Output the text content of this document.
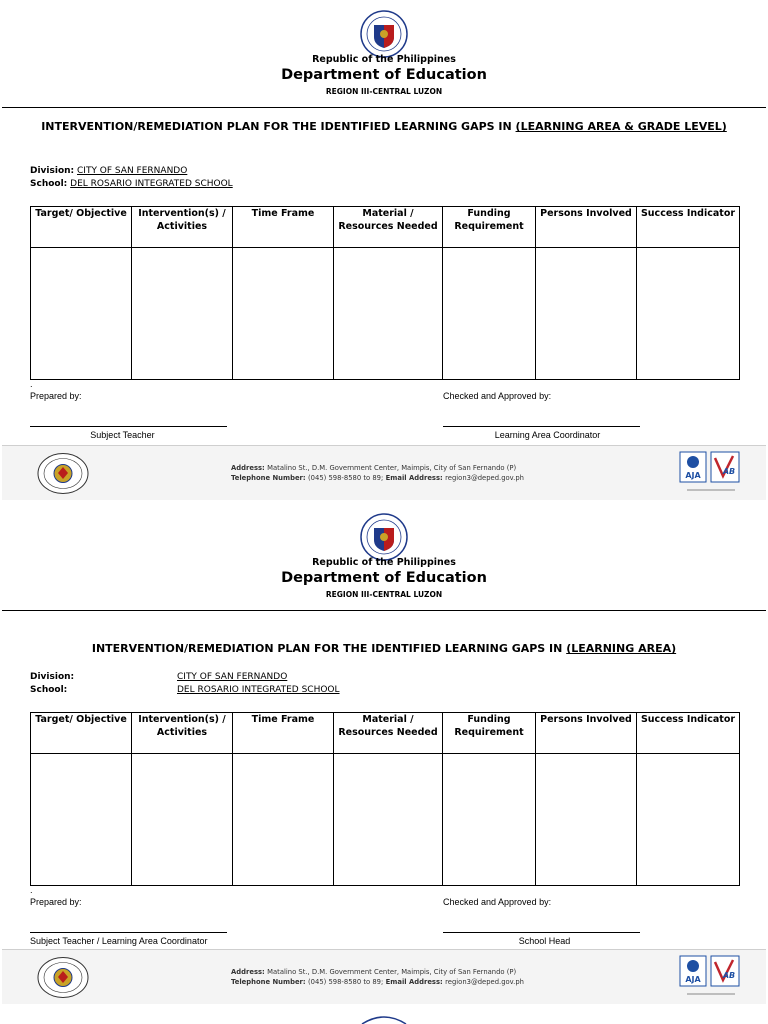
Republic of the Philippines
Department of Education
REGION III-CENTRAL LUZON
INTERVENTION/REMEDIATION PLAN FOR THE IDENTIFIED LEARNING GAPS IN (LEARNING AREA & GRADE LEVEL)
Division: CITY OF SAN FERNANDO
School: DEL ROSARIO INTEGRATED SCHOOL
Target/ Objective	Intervention(s) / Activities	Time Frame	Material / Resources Needed	Funding Requirement	Persons Involved	Success Indicator

.
Prepared by:	Checked and Approved by:
Subject Teacher	Learning Area Coordinator
Address: Matalino St., D.M. Government Center, Maimpis, City of San Fernando (P)
Telephone Number: (045) 598-8580 to 89; Email Address: region3@deped.gov.ph	AJA	AB
Republic of the Philippines
Department of Education
REGION III-CENTRAL LUZON
INTERVENTION/REMEDIATION PLAN FOR THE IDENTIFIED LEARNING GAPS IN (LEARNING AREA)
Division:	CITY OF SAN FERNANDO
School:	DEL ROSARIO INTEGRATED SCHOOL
Target/ Objective	Intervention(s) / Activities	Time Frame	Material / Resources Needed	Funding Requirement	Persons Involved	Success Indicator

.
Prepared by:	Checked and Approved by:
Subject Teacher / Learning Area Coordinator	School Head
Address: Matalino St., D.M. Government Center, Maimpis, City of San Fernando (P)
Telephone Number: (045) 598-8580 to 89; Email Address: region3@deped.gov.ph	AJA	AB
